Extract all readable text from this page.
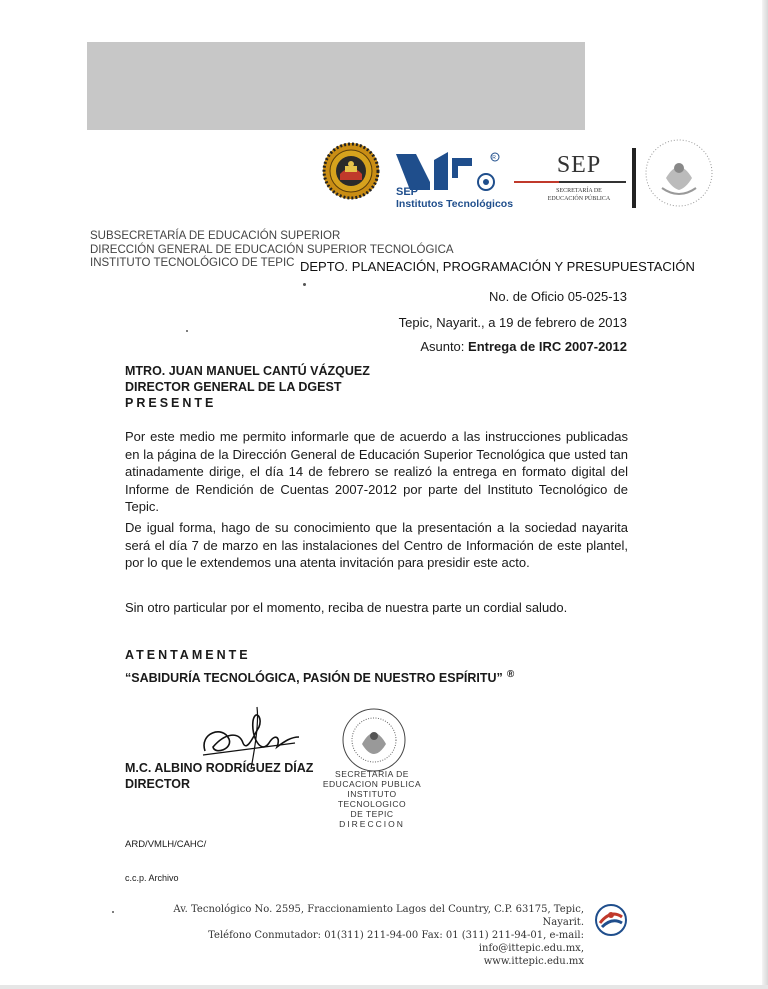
R
SEP
Institutos Tecnológicos
SEP
SECRETARÍA DE
EDUCACIÓN PÚBLICA
SUBSECRETARÍA DE EDUCACIÓN SUPERIOR
DIRECCIÓN GENERAL DE EDUCACIÓN SUPERIOR TECNOLÓGICA
INSTITUTO TECNOLÓGICO DE TEPIC DEPTO. PLANEACIÓN, PROGRAMACIÓN Y PRESUPUESTACIÓN
No. de Oficio 05-025-13
Tepic, Nayarit., a 19 de febrero de 2013
Asunto: Entrega de IRC 2007-2012
MTRO. JUAN MANUEL CANTÚ VÁZQUEZ
DIRECTOR GENERAL DE LA DGEST
PRESENTE
Por este medio me permito informarle que de acuerdo a las instrucciones publicadas en la página de la Dirección General de Educación Superior Tecnológica que usted tan atinadamente dirige, el día 14 de febrero se realizó la entrega en formato digital del Informe de Rendición de Cuentas 2007-2012 por parte del Instituto Tecnológico de Tepic.
De igual forma, hago de su conocimiento que la presentación a la sociedad nayarita será el día 7 de marzo en las instalaciones del Centro de Información de este plantel, por lo que le extendemos una atenta invitación para presidir este acto.
Sin otro particular por el momento, reciba de nuestra parte un cordial saludo.
ATENTAMENTE
“SABIDURÍA TECNOLÓGICA, PASIÓN DE NUESTRO ESPÍRITU” ®
M.C. ALBINO RODRÍGUEZ DÍAZ
DIRECTOR
SECRETARIA DE
EDUCACION PUBLICA
INSTITUTO TECNOLOGICO
DE TEPIC
DIRECCION
ARD/VMLH/CAHC/
c.c.p. Archivo
Av. Tecnológico No. 2595, Fraccionamiento Lagos del Country, C.P. 63175, Tepic, Nayarit.
Teléfono Conmutador: 01(311) 211-94-00 Fax: 01 (311) 211-94-01, e-mail: info@ittepic.edu.mx,
www.ittepic.edu.mx
